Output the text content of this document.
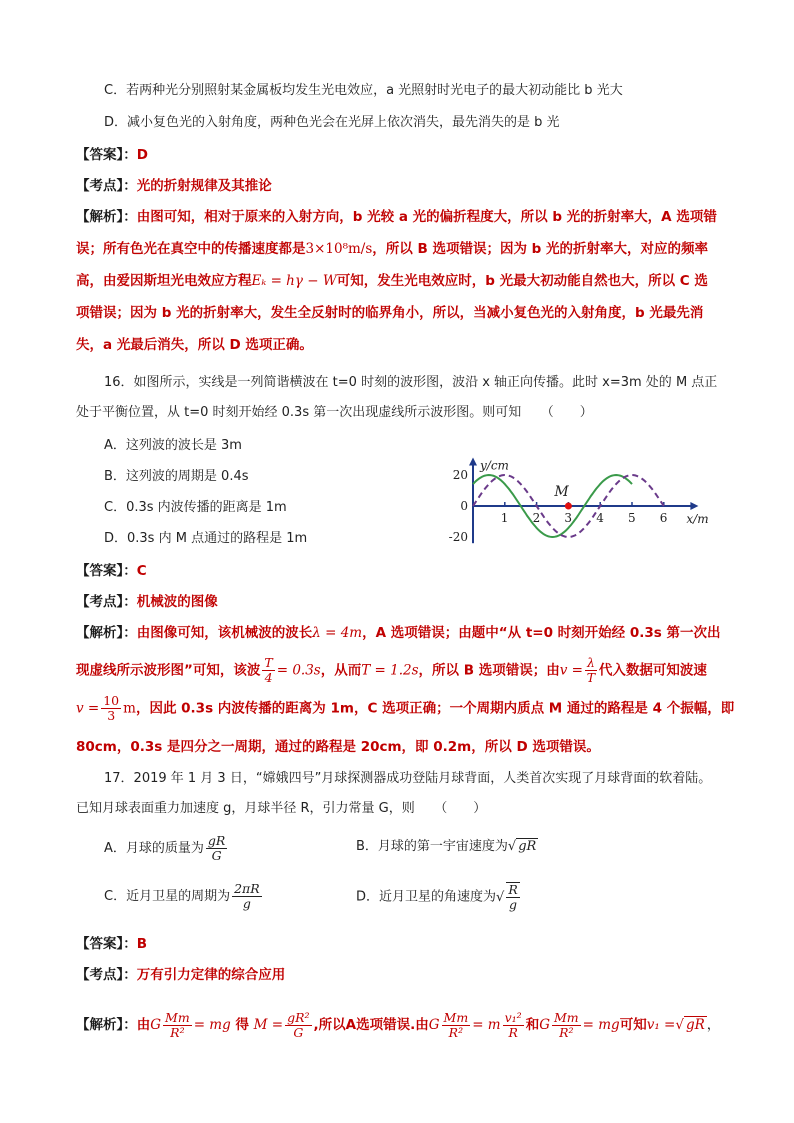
C．若两种光分别照射某金属板均发生光电效应，a 光照射时光电子的最大初动能比 b 光大
D．减小复色光的入射角度，两种色光会在光屏上依次消失，最先消失的是 b 光
【答案】：D
【考点】：光的折射规律及其推论
【解析】：由图可知，相对于原来的入射方向，b 光较 a 光的偏折程度大，所以 b 光的折射率大，A 选项错
误；所有色光在真空中的传播速度都是3×10⁸m/s，所以 B 选项错误；因为 b 光的折射率大，对应的频率
高，由爱因斯坦光电效应方程Eₖ = hγ − W可知，发生光电效应时，b 光最大初动能自然也大，所以 C 选
项错误；因为 b 光的折射率大，发生全反射时的临界角小，所以，当减小复色光的入射角度，b 光最先消
失，a 光最后消失，所以 D 选项正确。
16．如图所示，实线是一列简谐横波在 t=0 时刻的波形图，波沿 x 轴正向传播。此时 x=3m 处的 M 点正
处于平衡位置，从 t=0 时刻开始经 0.3s 第一次出现虚线所示波形图。则可知　　（　　）
A．这列波的波长是 3m
B．这列波的周期是 0.4s
C．0.3s 内波传播的距离是 1m
D．0.3s 内 M 点通过的路程是 1m
y/cm
x/m
1 2 3 4 5 6
20
0
-20
M
【答案】：C
【考点】：机械波的图像
【解析】：由图像可知，该机械波的波长λ = 4m，A 选项错误；由题中“从 t=0 时刻开始经 0.3s 第一次出
现虚线所示波形图”可知，该波 $\frac{T}{4} = 0.3s$，从而T = 1.2s，所以 B 选项错误；由$v = \frac{\lambda}{T}$ 代入数据可知波速
$v = \frac{10}{3}$ m，因此 0.3s 内波传播的距离为 1m，C 选项正确；一个周期内质点 M 通过的路程是 4 个振幅，即
80cm，0.3s 是四分之一周期，通过的路程是 20cm，即 0.2m，所以 D 选项错误。
17．2019 年 1 月 3 日，“嫦娥四号”月球探测器成功登陆月球背面，人类首次实现了月球背面的软着陆。
已知月球表面重力加速度 g，月球半径 R，引力常量 G，则　　（　　）
A．月球的质量为 $\frac{gR}{G}$	B．月球的第一宇宙速度为√ gR
C．近月卫星的周期为 $\frac{2\pi R}{g}$	D．近月卫星的角速度为√ $\frac{R}{g}$
【答案】：B
【考点】：万有引力定律的综合应用
【解析】：由G $\frac{Mm}{\text{R²}}$ = mg 得 $M = \frac{\text{gR²}}{G}$ ,所以A选项错误.由G $\frac{Mm}{\text{R²}} = m \frac{\text{v₁²}}{R}$ 和G $\frac{Mm}{\text{R²}}$ = mg可知v₁ =√ gR ，
